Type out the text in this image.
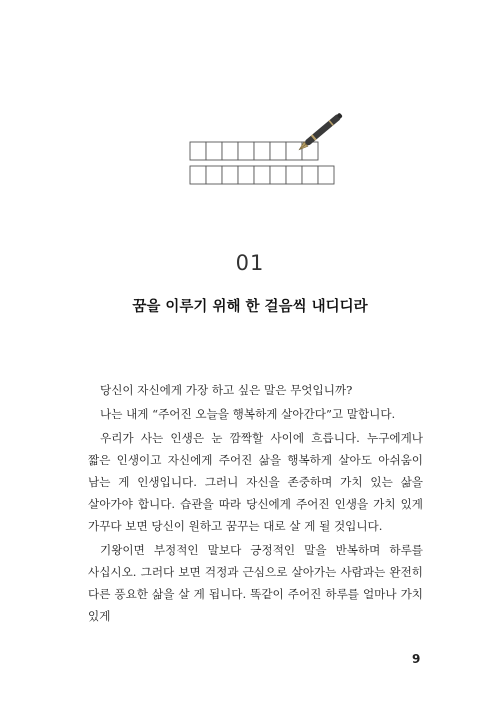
01
꿈을 이루기 위해 한 걸음씩 내디디라

당신이 자신에게 가장 하고 싶은 말은 무엇입니까?

나는 내게 “주어진 오늘을 행복하게 살아간다”고 말합니다.

우리가 사는 인생은 눈 깜짝할 사이에 흐릅니다. 누구에게나 짧은 인생이고 자신에게 주어진 삶을 행복하게 살아도 아쉬움이 남는 게 인생입니다. 그러니 자신을 존중하며 가치 있는 삶을 살아가야 합니다. 습관을 따라 당신에게 주어진 인생을 가치 있게 가꾸다 보면 당신이 원하고 꿈꾸는 대로 살 게 될 것입니다.

기왕이면 부정적인 말보다 긍정적인 말을 반복하며 하루를 사십시오. 그러다 보면 걱정과 근심으로 살아가는 사람과는 완전히 다른 풍요한 삶을 살 게 됩니다. 똑같이 주어진 하루를 얼마나 가치 있게

9
